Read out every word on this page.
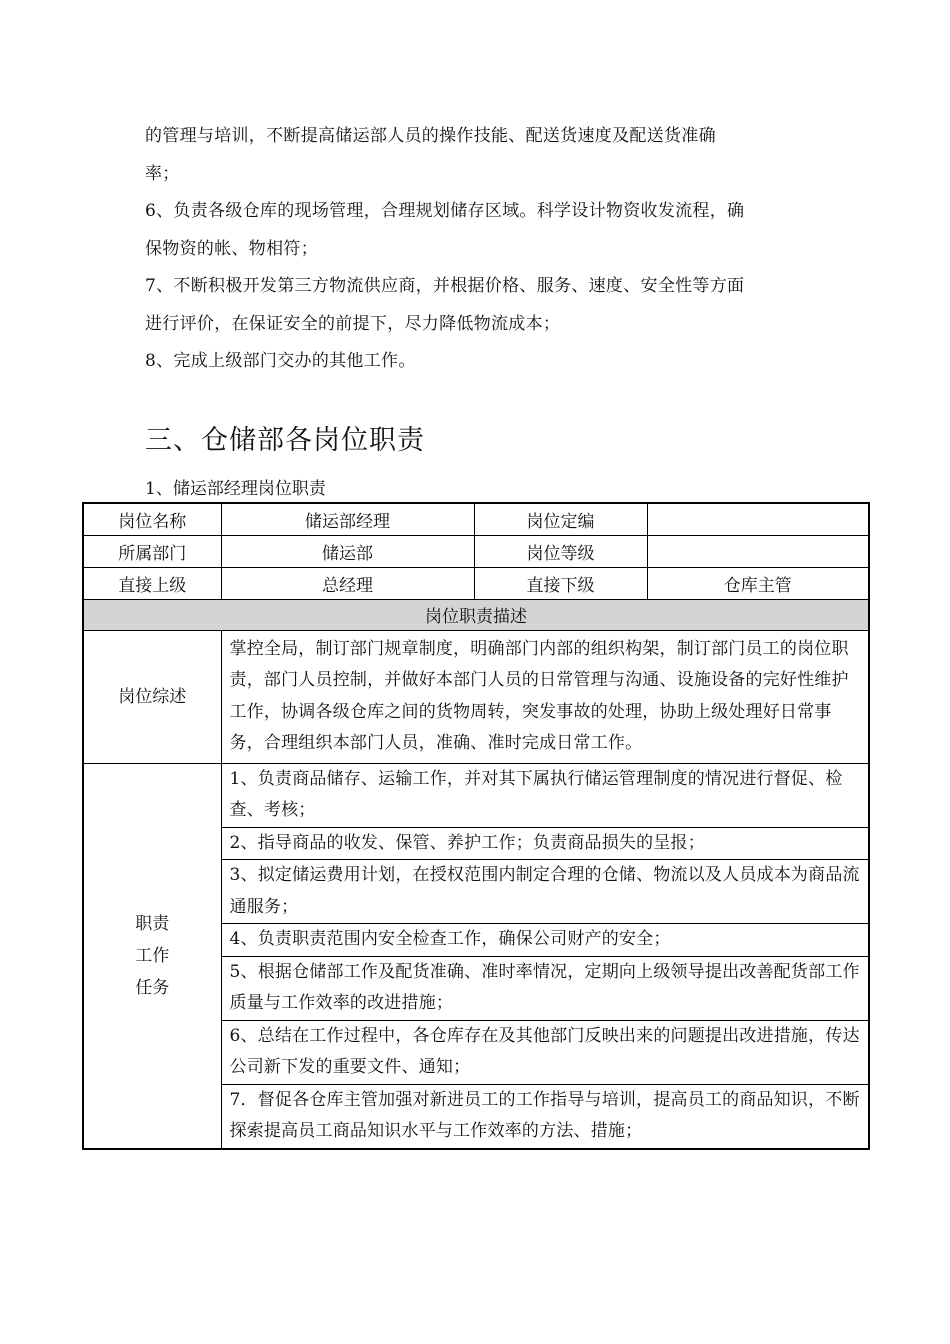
的管理与培训，不断提高储运部人员的操作技能、配送货速度及配送货准确

率；

6、负责各级仓库的现场管理，合理规划储存区域。科学设计物资收发流程，确

保物资的帐、物相符；

7、不断积极开发第三方物流供应商，并根据价格、服务、速度、安全性等方面

进行评价，在保证安全的前提下，尽力降低物流成本；

8、完成上级部门交办的其他工作。

三、仓储部各岗位职责
1、储运部经理岗位职责
岗位名称	储运部经理	岗位定编	
所属部门	储运部	岗位等级	
直接上级	总经理	直接下级	仓库主管
岗位职责描述			
岗位综述	掌控全局，制订部门规章制度，明确部门内部的组织构架，制订部门员工的岗位职责，部门人员控制，并做好本部门人员的日常管理与沟通、设施设备的完好性维护工作，协调各级仓库之间的货物周转，突发事故的处理，协助上级处理好日常事务，合理组织本部门人员，准确、准时完成日常工作。		

职责
工作
任务	1、负责商品储存、运输工作，并对其下属执行储运管理制度的情况进行督促、检查、考核；		
	2、指导商品的收发、保管、养护工作；负责商品损失的呈报；		
	3、拟定储运费用计划，在授权范围内制定合理的仓储、物流以及人员成本为商品流通服务；		
	4、负责职责范围内安全检查工作，确保公司财产的安全；		
	5、根据仓储部工作及配货准确、准时率情况，定期向上级领导提出改善配货部工作质量与工作效率的改进措施；		
	6、总结在工作过程中，各仓库存在及其他部门反映出来的问题提出改进措施，传达公司新下发的重要文件、通知；		
	7．督促各仓库主管加强对新进员工的工作指导与培训，提高员工的商品知识，不断探索提高员工商品知识水平与工作效率的方法、措施；		
